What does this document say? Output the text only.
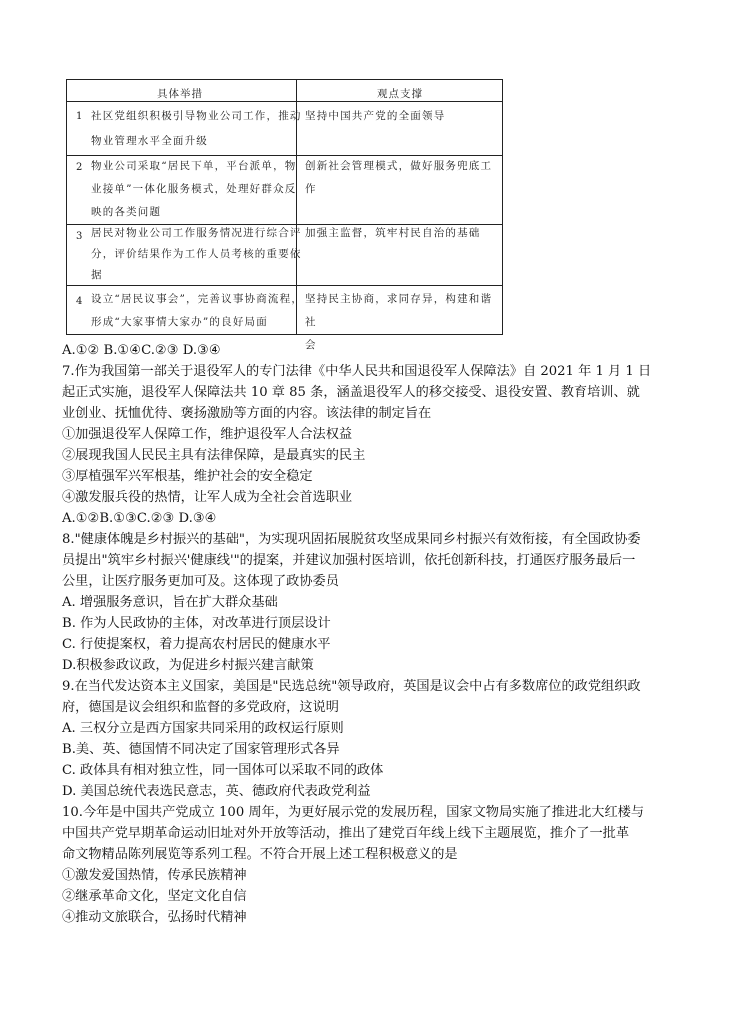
具体举措	观点支撑
1 社区党组织积极引导物业公司工作，推动
物业管理水平全面升级
坚持中国共产党的全面领导
2 物业公司采取“居民下单，平台派单，物
业接单”一体化服务模式，处理好群众反
映的各类问题
创新社会管理模式，做好服务兜底工作
3 居民对物业公司工作服务情况进行综合评
分，评价结果作为工作人员考核的重要依
据
加强主监督，筑牢村民自治的基础
4 设立“居民议事会”，完善议事协商流程，
形成“大家事情大家办”的良好局面
坚持民主协商，求同存异，构建和谐社
会
A.①② B.①④C.②③ D.③④
7.作为我国第一部关于退役军人的专门法律《中华人民共和国退役军人保障法》自 2021 年 1 月 1 日
起正式实施，退役军人保障法共 10 章 85 条，涵盖退役军人的移交接受、退役安置、教育培训、就
业创业、抚恤优待、褒扬激励等方面的内容。该法律的制定旨在
①加强退役军人保障工作，维护退役军人合法权益
②展现我国人民民主具有法律保障，是最真实的民主
③厚植强军兴军根基，维护社会的安全稳定
④激发服兵役的热情，让军人成为全社会首选职业
A.①②B.①③C.②③ D.③④
8."健康体魄是乡村振兴的基础"，为实现巩固拓展脱贫攻坚成果同乡村振兴有效衔接，有全国政协委
员提出"筑牢乡村振兴'健康线'"的提案，并建议加强村医培训，依托创新科技，打通医疗服务最后一
公里，让医疗服务更加可及。这体现了政协委员
A. 增强服务意识，旨在扩大群众基础
B. 作为人民政协的主体，对改革进行顶层设计
C. 行使提案权，着力提高农村居民的健康水平
D.积极参政议政，为促进乡村振兴建言献策
9.在当代发达资本主义国家，美国是"民选总统"领导政府，英国是议会中占有多数席位的政党组织政
府，德国是议会组织和监督的多党政府，这说明
A. 三权分立是西方国家共同采用的政权运行原则
B.美、英、德国情不同决定了国家管理形式各异
C. 政体具有相对独立性，同一国体可以采取不同的政体
D. 美国总统代表选民意志，英、德政府代表政党利益
10.今年是中国共产党成立 100 周年，为更好展示党的发展历程，国家文物局实施了推进北大红楼与
中国共产党早期革命运动旧址对外开放等活动，推出了建党百年线上线下主题展览，推介了一批革
命文物精品陈列展览等系列工程。不符合开展上述工程积极意义的是
①激发爱国热情，传承民族精神
②继承革命文化，坚定文化自信
④推动文旅联合，弘扬时代精神
